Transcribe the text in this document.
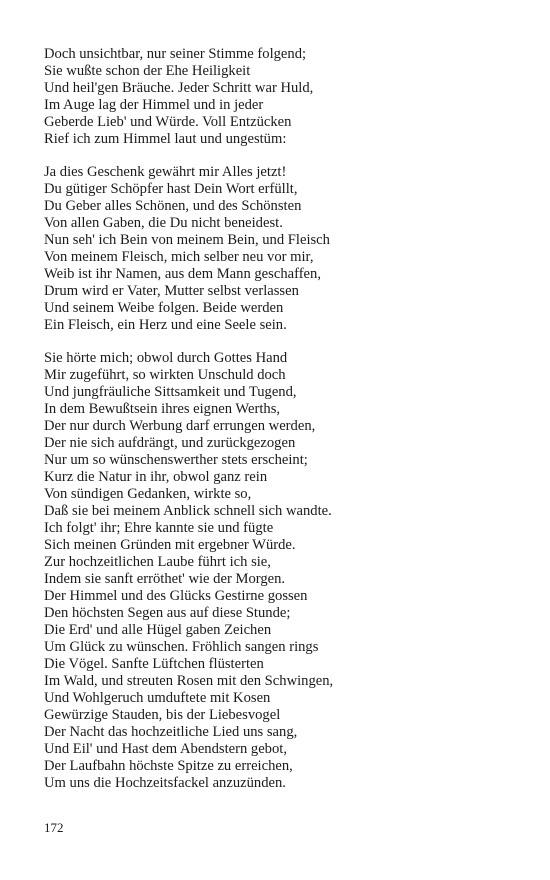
Doch unsichtbar, nur seiner Stimme folgend;
Sie wußte schon der Ehe Heiligkeit
Und heil'gen Bräuche. Jeder Schritt war Huld,
Im Auge lag der Himmel und in jeder
Geberde Lieb' und Würde. Voll Entzücken
Rief ich zum Himmel laut und ungestüm:
Ja dies Geschenk gewährt mir Alles jetzt!
Du gütiger Schöpfer hast Dein Wort erfüllt,
Du Geber alles Schönen, und des Schönsten
Von allen Gaben, die Du nicht beneidest.
Nun seh' ich Bein von meinem Bein, und Fleisch
Von meinem Fleisch, mich selber neu vor mir,
Weib ist ihr Namen, aus dem Mann geschaffen,
Drum wird er Vater, Mutter selbst verlassen
Und seinem Weibe folgen. Beide werden
Ein Fleisch, ein Herz und eine Seele sein.
Sie hörte mich; obwol durch Gottes Hand
Mir zugeführt, so wirkten Unschuld doch
Und jungfräuliche Sittsamkeit und Tugend,
In dem Bewußtsein ihres eignen Werths,
Der nur durch Werbung darf errungen werden,
Der nie sich aufdrängt, und zurückgezogen
Nur um so wünschenswerther stets erscheint;
Kurz die Natur in ihr, obwol ganz rein
Von sündigen Gedanken, wirkte so,
Daß sie bei meinem Anblick schnell sich wandte.
Ich folgt' ihr; Ehre kannte sie und fügte
Sich meinen Gründen mit ergebner Würde.
Zur hochzeitlichen Laube führt ich sie,
Indem sie sanft erröthet' wie der Morgen.
Der Himmel und des Glücks Gestirne gossen
Den höchsten Segen aus auf diese Stunde;
Die Erd' und alle Hügel gaben Zeichen
Um Glück zu wünschen. Fröhlich sangen rings
Die Vögel. Sanfte Lüftchen flüsterten
Im Wald, und streuten Rosen mit den Schwingen,
Und Wohlgeruch umduftete mit Kosen
Gewürzige Stauden, bis der Liebesvogel
Der Nacht das hochzeitliche Lied uns sang,
Und Eil' und Hast dem Abendstern gebot,
Der Laufbahn höchste Spitze zu erreichen,
Um uns die Hochzeitsfackel anzuzünden.
172
